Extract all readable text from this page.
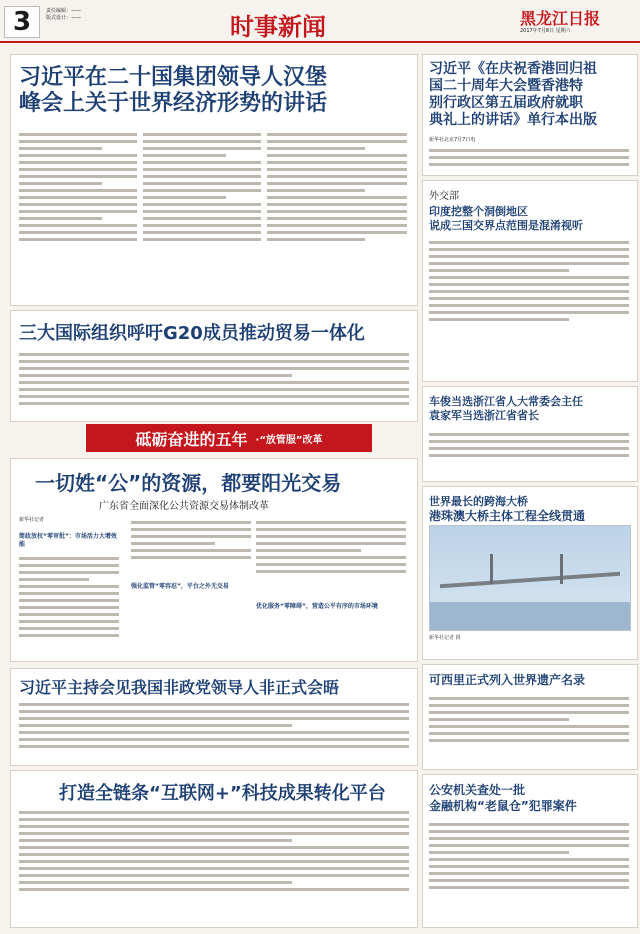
3	责任编辑：——
版式设计：——	时事新闻	黑龙江日报
2017年7月8日 星期六
习近平在二十国集团领导人汉堡
峰会上关于世界经济形势的讲话
三大国际组织呼吁G20成员推动贸易一体化
砥砺奋进的五年 ·“放管服”改革
一切姓“公”的资源，都要阳光交易
广东省全面深化公共资源交易体制改革
新华社记者
简政放权“零审批”：市场活力大增效能
强化监管“零容忍”，平台之外无交易
优化服务“零障碍”，营造公平有序的市场环境
习近平主持会见我国非政党领导人非正式会晤
打造全链条“互联网+”科技成果转化平台
习近平《在庆祝香港回归祖
国二十周年大会暨香港特
别行政区第五届政府就职
典礼上的讲话》单行本出版
新华社北京7月7日电
外交部
印度挖整个洞倒地区
说成三国交界点范围是混淆视听
车俊当选浙江省人大常委会主任
袁家军当选浙江省省长
世界最长的跨海大桥
港珠澳大桥主体工程全线贯通
新华社记者 摄
可西里正式列入世界遗产名录
公安机关查处一批
金融机构“老鼠仓”犯罪案件
